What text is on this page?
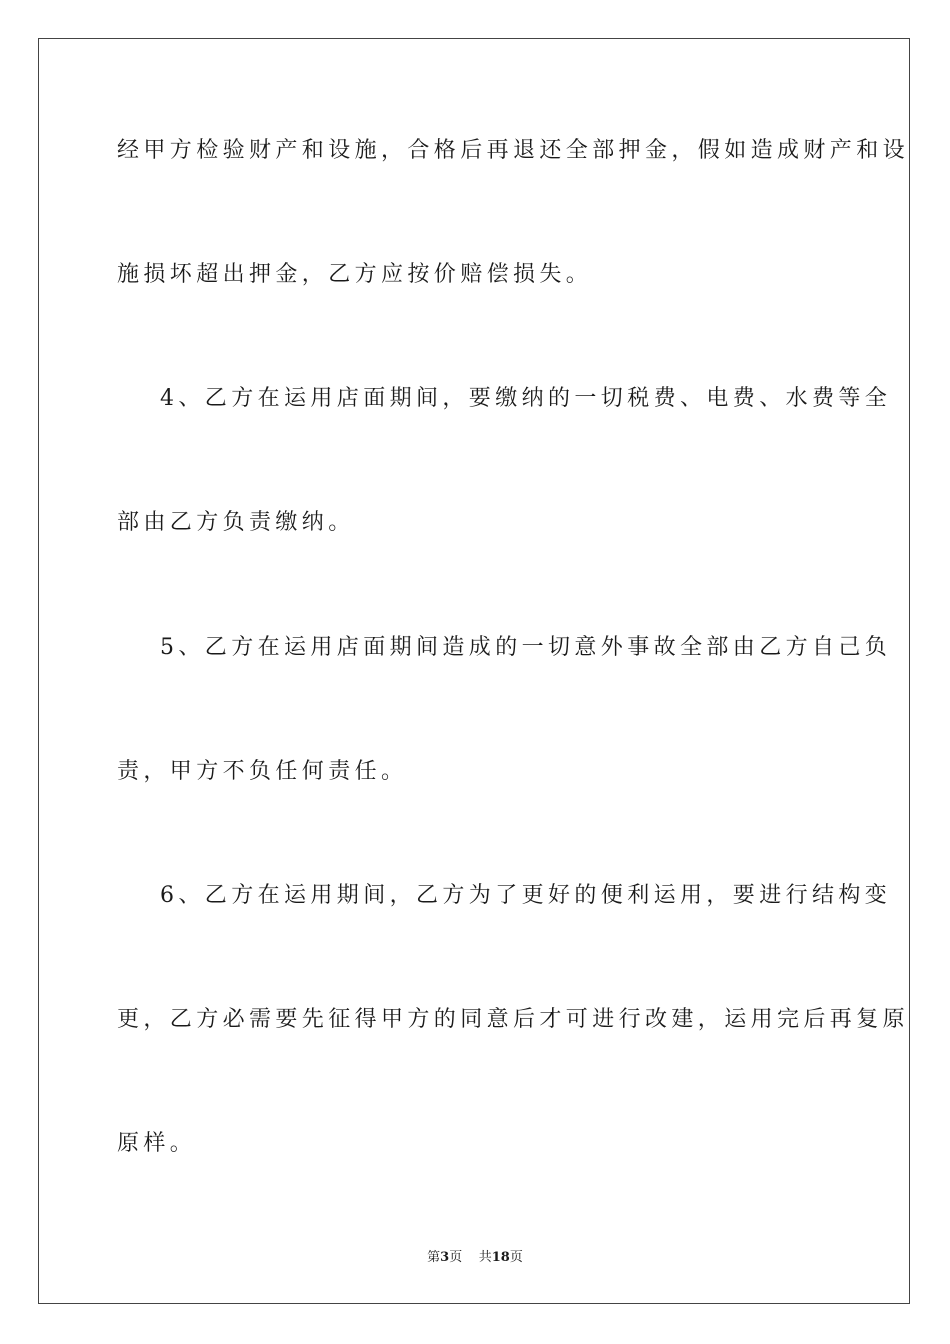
经甲方检验财产和设施，合格后再退还全部押金，假如造成财产和设
施损坏超出押金，乙方应按价赔偿损失。
4、乙方在运用店面期间，要缴纳的一切税费、电费、水费等全
部由乙方负责缴纳。
5、乙方在运用店面期间造成的一切意外事故全部由乙方自己负
责，甲方不负任何责任。
6、乙方在运用期间，乙方为了更好的便利运用，要进行结构变
更，乙方必需要先征得甲方的同意后才可进行改建，运用完后再复原
原样。
第3页 共18页
